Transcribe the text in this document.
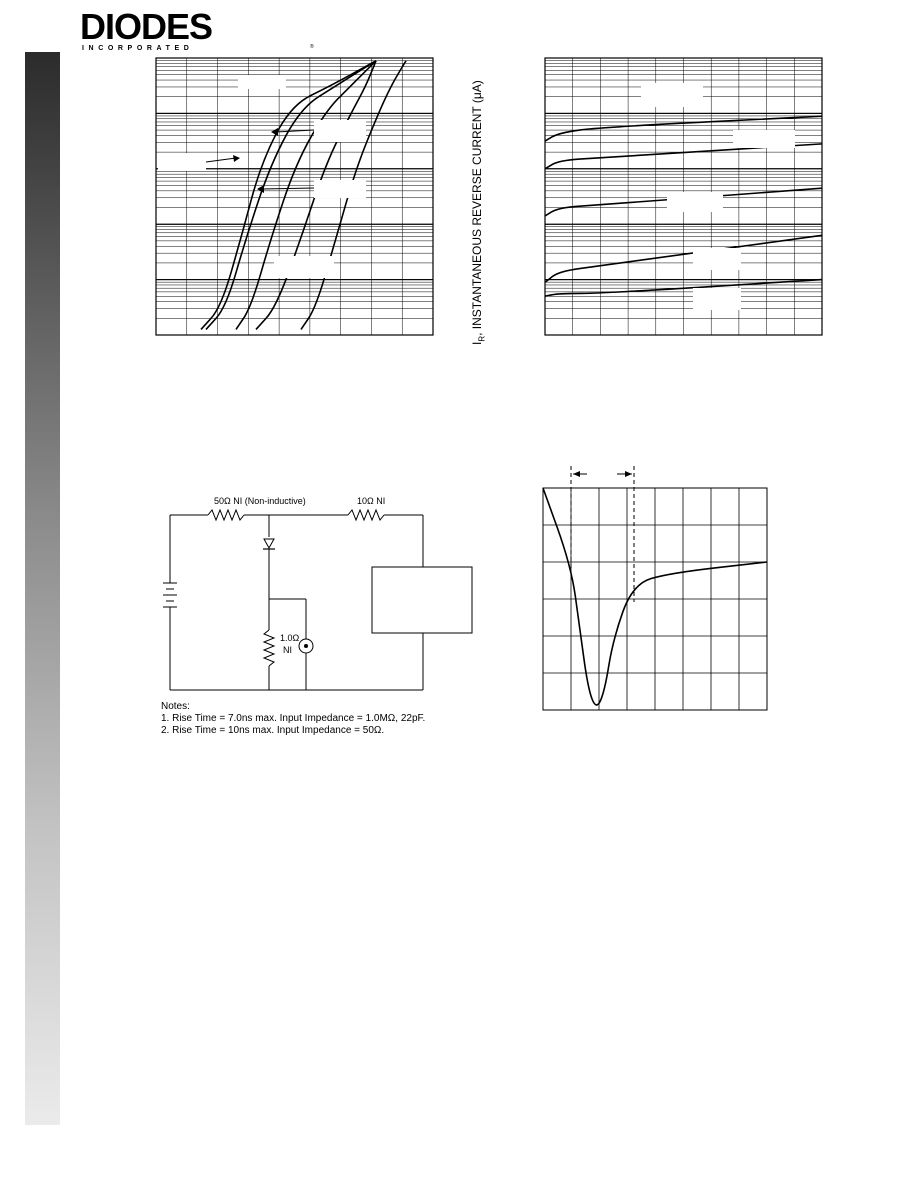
DIODES
INCORPORATED	®
$I_R$, INSTANTANEOUS REVERSE CURRENT (μA)
50Ω NI (Non-inductive)	10Ω NI
1.0Ω
NI
Notes:
1. Rise Time = 7.0ns max. Input Impedance = 1.0MΩ, 22pF.
2. Rise Time = 10ns max. Input Impedance = 50Ω.
